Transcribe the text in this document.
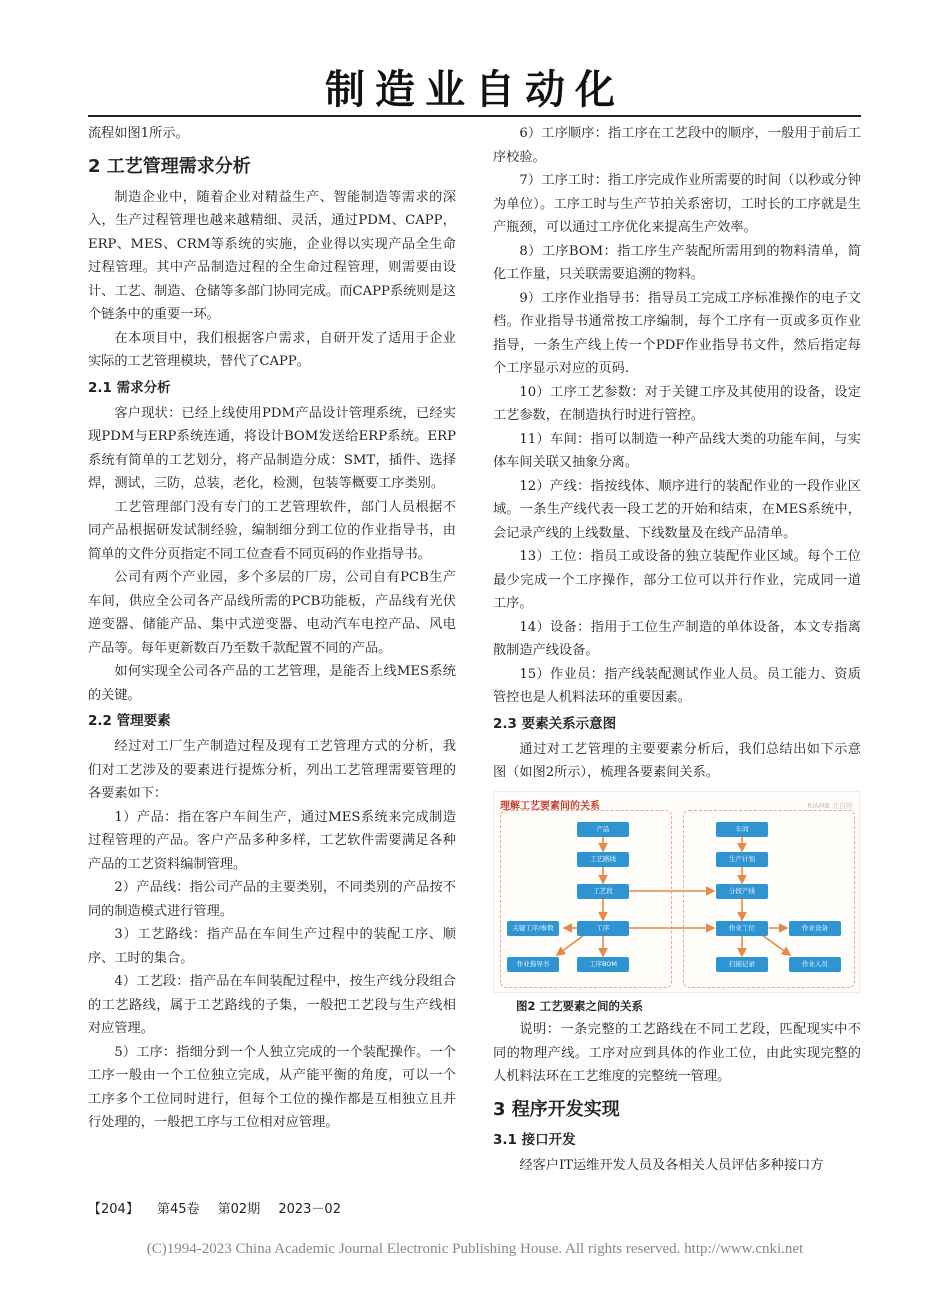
制造业自动化

流程如图1所示。

2 工艺管理需求分析

制造企业中，随着企业对精益生产、智能制造等需求的深入，生产过程管理也越来越精细、灵活，通过PDM、CAPP，ERP、MES、CRM等系统的实施，企业得以实现产品全生命过程管理。其中产品制造过程的全生命过程管理，则需要由设计、工艺、制造、仓储等多部门协同完成。而CAPP系统则是这个链条中的重要一环。

在本项目中，我们根据客户需求，自研开发了适用于企业实际的工艺管理模块，替代了CAPP。

2.1 需求分析

客户现状：已经上线使用PDM产品设计管理系统，已经实现PDM与ERP系统连通，将设计BOM发送给ERP系统。ERP系统有简单的工艺划分，将产品制造分成：SMT，插件、选择焊，测试，三防，总装，老化，检测，包装等概要工序类别。

工艺管理部门没有专门的工艺管理软件，部门人员根据不同产品根据研发试制经验，编制细分到工位的作业指导书，由简单的文件分页指定不同工位查看不同页码的作业指导书。

公司有两个产业园，多个多层的厂房，公司自有PCB生产车间，供应全公司各产品线所需的PCB功能板，产品线有光伏逆变器、储能产品、集中式逆变器、电动汽车电控产品、风电产品等。每年更新数百乃至数千款配置不同的产品。

如何实现全公司各产品的工艺管理，是能否上线MES系统的关键。

2.2 管理要素

经过对工厂生产制造过程及现有工艺管理方式的分析，我们对工艺涉及的要素进行提炼分析，列出工艺管理需要管理的各要素如下：

1）产品：指在客户车间生产，通过MES系统来完成制造过程管理的产品。客户产品多种多样，工艺软件需要满足各种产品的工艺资料编制管理。

2）产品线：指公司产品的主要类别，不同类别的产品按不同的制造模式进行管理。

3）工艺路线：指产品在车间生产过程中的装配工序、顺序、工时的集合。

4）工艺段：指产品在车间装配过程中，按生产线分段组合的工艺路线，属于工艺路线的子集，一般把工艺段与生产线相对应管理。

5）工序：指细分到一个人独立完成的一个装配操作。一个工序一般由一个工位独立完成，从产能平衡的角度，可以一个工序多个工位同时进行，但每个工位的操作都是互相独立且并行处理的，一般把工序与工位相对应管理。

6）工序顺序：指工序在工艺段中的顺序，一般用于前后工序校验。

7）工序工时：指工序完成作业所需要的时间（以秒或分钟为单位）。工序工时与生产节拍关系密切，工时长的工序就是生产瓶颈，可以通过工序优化来提高生产效率。

8）工序BOM：指工序生产装配所需用到的物料清单，简化工作量，只关联需要追溯的物料。

9）工序作业指导书：指导员工完成工序标准操作的电子文档。作业指导书通常按工序编制，每个工序有一页或多页作业指导，一条生产线上传一个PDF作业指导书文件，然后指定每个工序显示对应的页码.

10）工序工艺参数：对于关键工序及其使用的设备，设定工艺参数，在制造执行时进行管控。

11）车间：指可以制造一种产品线大类的功能车间，与实体车间关联又抽象分离。

12）产线：指按线体、顺序进行的装配作业的一段作业区域。一条生产线代表一段工艺的开始和结束，在MES系统中，会记录产线的上线数量、下线数量及在线产品清单。

13）工位：指员工或设备的独立装配作业区域。每个工位最少完成一个工序操作，部分工位可以并行作业，完成同一道工序。

14）设备：指用于工位生产制造的单体设备，本文专指离散制造产线设备。

15）作业员：指产线装配测试作业人员。员工能力、资质管控也是人机料法环的重要因素。

2.3 要素关系示意图

通过对工艺管理的主要要素分析后，我们总结出如下示意图（如图2所示），梳理各要素间关系。

理解工艺要素间的关系	RIAMB 北自所
产品
工艺路线
工艺段
工序
关键工序/参数
作业指导书	工序BOM
车间
生产计划
分段产线
作业工位	作业设备
扫描记录	作业人员

图2 工艺要素之间的关系

说明：一条完整的工艺路线在不同工艺段，匹配现实中不同的物理产线。工序对应到具体的作业工位，由此实现完整的人机料法环在工艺维度的完整统一管理。

3 程序开发实现
3.1 接口开发

经客户IT运维开发人员及各相关人员评估多种接口方

【204】 第45卷 第02期 2023－02
(C)1994-2023 China Academic Journal Electronic Publishing House. All rights reserved. http://www.cnki.net
